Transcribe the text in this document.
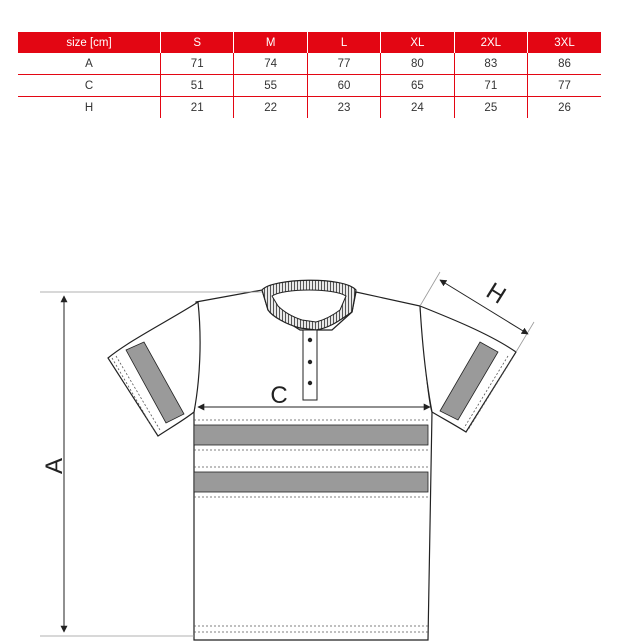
size [cm]	S	M	L	XL	2XL	3XL
A	71	74	77	80	83	86
C	51	55	60	65	71	77
H	21	22	23	24	25	26
A
C
H
